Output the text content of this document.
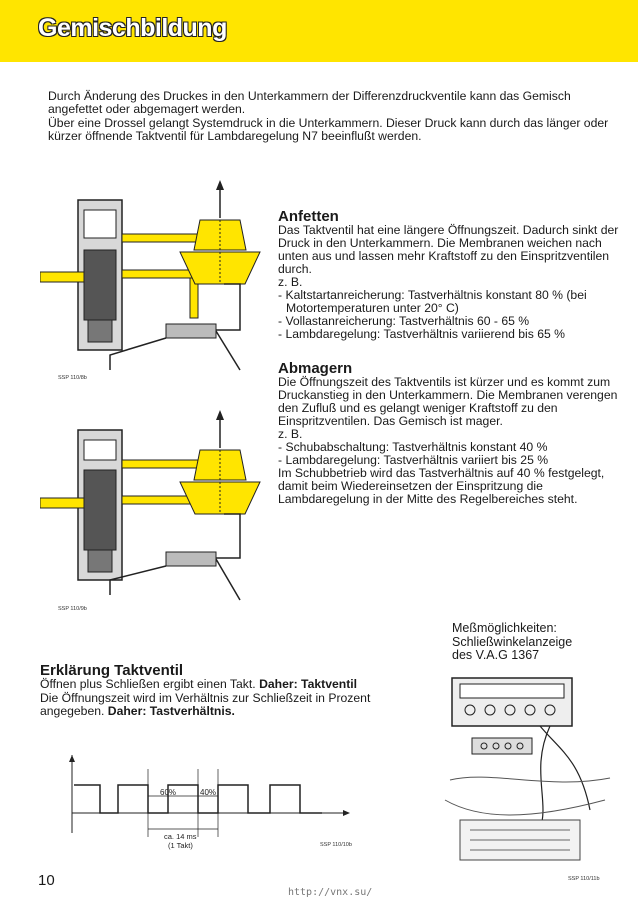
Gemischbildung

Durch Änderung des Druckes in den Unterkammern der Differenzdruckventile kann das Gemisch angefettet oder abgemagert werden.

Über eine Drossel gelangt Systemdruck in die Unterkammern. Dieser Druck kann durch das länger oder kürzer öffnende Taktventil für Lambdaregelung N7 beeinflußt werden.

SSP 110/8b
Anfetten

Das Taktventil hat eine längere Öffnungszeit. Dadurch sinkt der Druck in den Unterkammern. Die Membranen weichen nach unten aus und lassen mehr Kraftstoff zu den Einspritzventilen durch.

z. B.

- Kaltstartanreicherung: Tastverhältnis konstant 80 % (bei Motortemperaturen unter 20° C)
- Vollastanreicherung: Tastverhältnis 60 - 65 %
- Lambdaregelung: Tastverhältnis variierend bis 65 %
Abmagern

Die Öffnungszeit des Taktventils ist kürzer und es kommt zum Druckanstieg in den Unterkammern. Die Membranen verengen den Zufluß und es gelangt weniger Kraftstoff zu den Einspritzventilen. Das Gemisch ist mager.

z. B.

- Schubabschaltung: Tastverhältnis konstant 40 %
- Lambdaregelung: Tastverhältnis variiert bis 25 %

Im Schubbetrieb wird das Tastverhältnis auf 40 % festgelegt, damit beim Wiedereinsetzen der Einspritzung die Lambdaregelung in der Mitte des Regelbereiches steht.

SSP 110/9b
Meßmöglichkeiten:
Schließwinkelanzeige
des V.A.G 1367
Erklärung Taktventil

Öffnen plus Schließen ergibt einen Takt. Daher: Taktventil

Die Öffnungszeit wird im Verhältnis zur Schließzeit in Prozent angegeben. Daher: Tastverhältnis.

60%	40%
ca. 14 ms
(1 Takt)	SSP 110/10b
SSP 110/11b
10
http://vnx.su/
